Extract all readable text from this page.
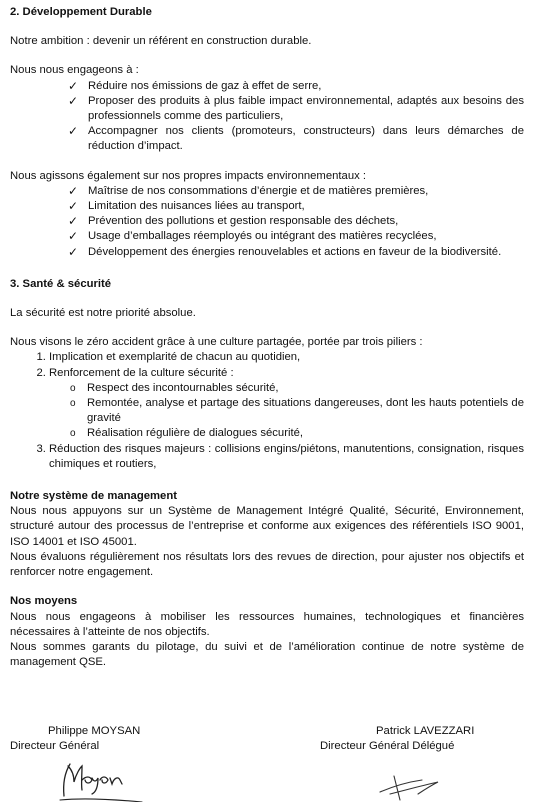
2. Développement Durable

Notre ambition : devenir un référent en construction durable.

Nous nous engageons à :

✓ Réduire nos émissions de gaz à effet de serre,
✓ Proposer des produits à plus faible impact environnemental, adaptés aux besoins des professionnels comme des particuliers,
✓ Accompagner nos clients (promoteurs, constructeurs) dans leurs démarches de réduction d’impact.

Nous agissons également sur nos propres impacts environnementaux :

✓ Maîtrise de nos consommations d’énergie et de matières premières,
✓ Limitation des nuisances liées au transport,
✓ Prévention des pollutions et gestion responsable des déchets,
✓ Usage d’emballages réemployés ou intégrant des matières recyclées,
✓ Développement des énergies renouvelables et actions en faveur de la biodiversité.

3. Santé & sécurité

La sécurité est notre priorité absolue.

Nous visons le zéro accident grâce à une culture partagée, portée par trois piliers :

1. Implication et exemplarité de chacun au quotidien,
2. Renforcement de la culture sécurité :
o Respect des incontournables sécurité,
o Remontée, analyse et partage des situations dangereuses, dont les hauts potentiels de gravité
o Réalisation régulière de dialogues sécurité,
3. Réduction des risques majeurs : collisions engins/piétons, manutentions, consignation, risques chimiques et routiers,

Notre système de management

Nous nous appuyons sur un Système de Management Intégré Qualité, Sécurité, Environnement, structuré autour des processus de l’entreprise et conforme aux exigences des référentiels ISO 9001, ISO 14001 et ISO 45001.

Nous évaluons régulièrement nos résultats lors des revues de direction, pour ajuster nos objectifs et renforcer notre engagement.

Nos moyens

Nous nous engageons à mobiliser les ressources humaines, technologiques et financières nécessaires à l’atteinte de nos objectifs.

Nous sommes garants du pilotage, du suivi et de l’amélioration continue de notre système de management QSE.

Philippe MOYSAN
Directeur Général
Patrick LAVEZZARI
Directeur Général Délégué
